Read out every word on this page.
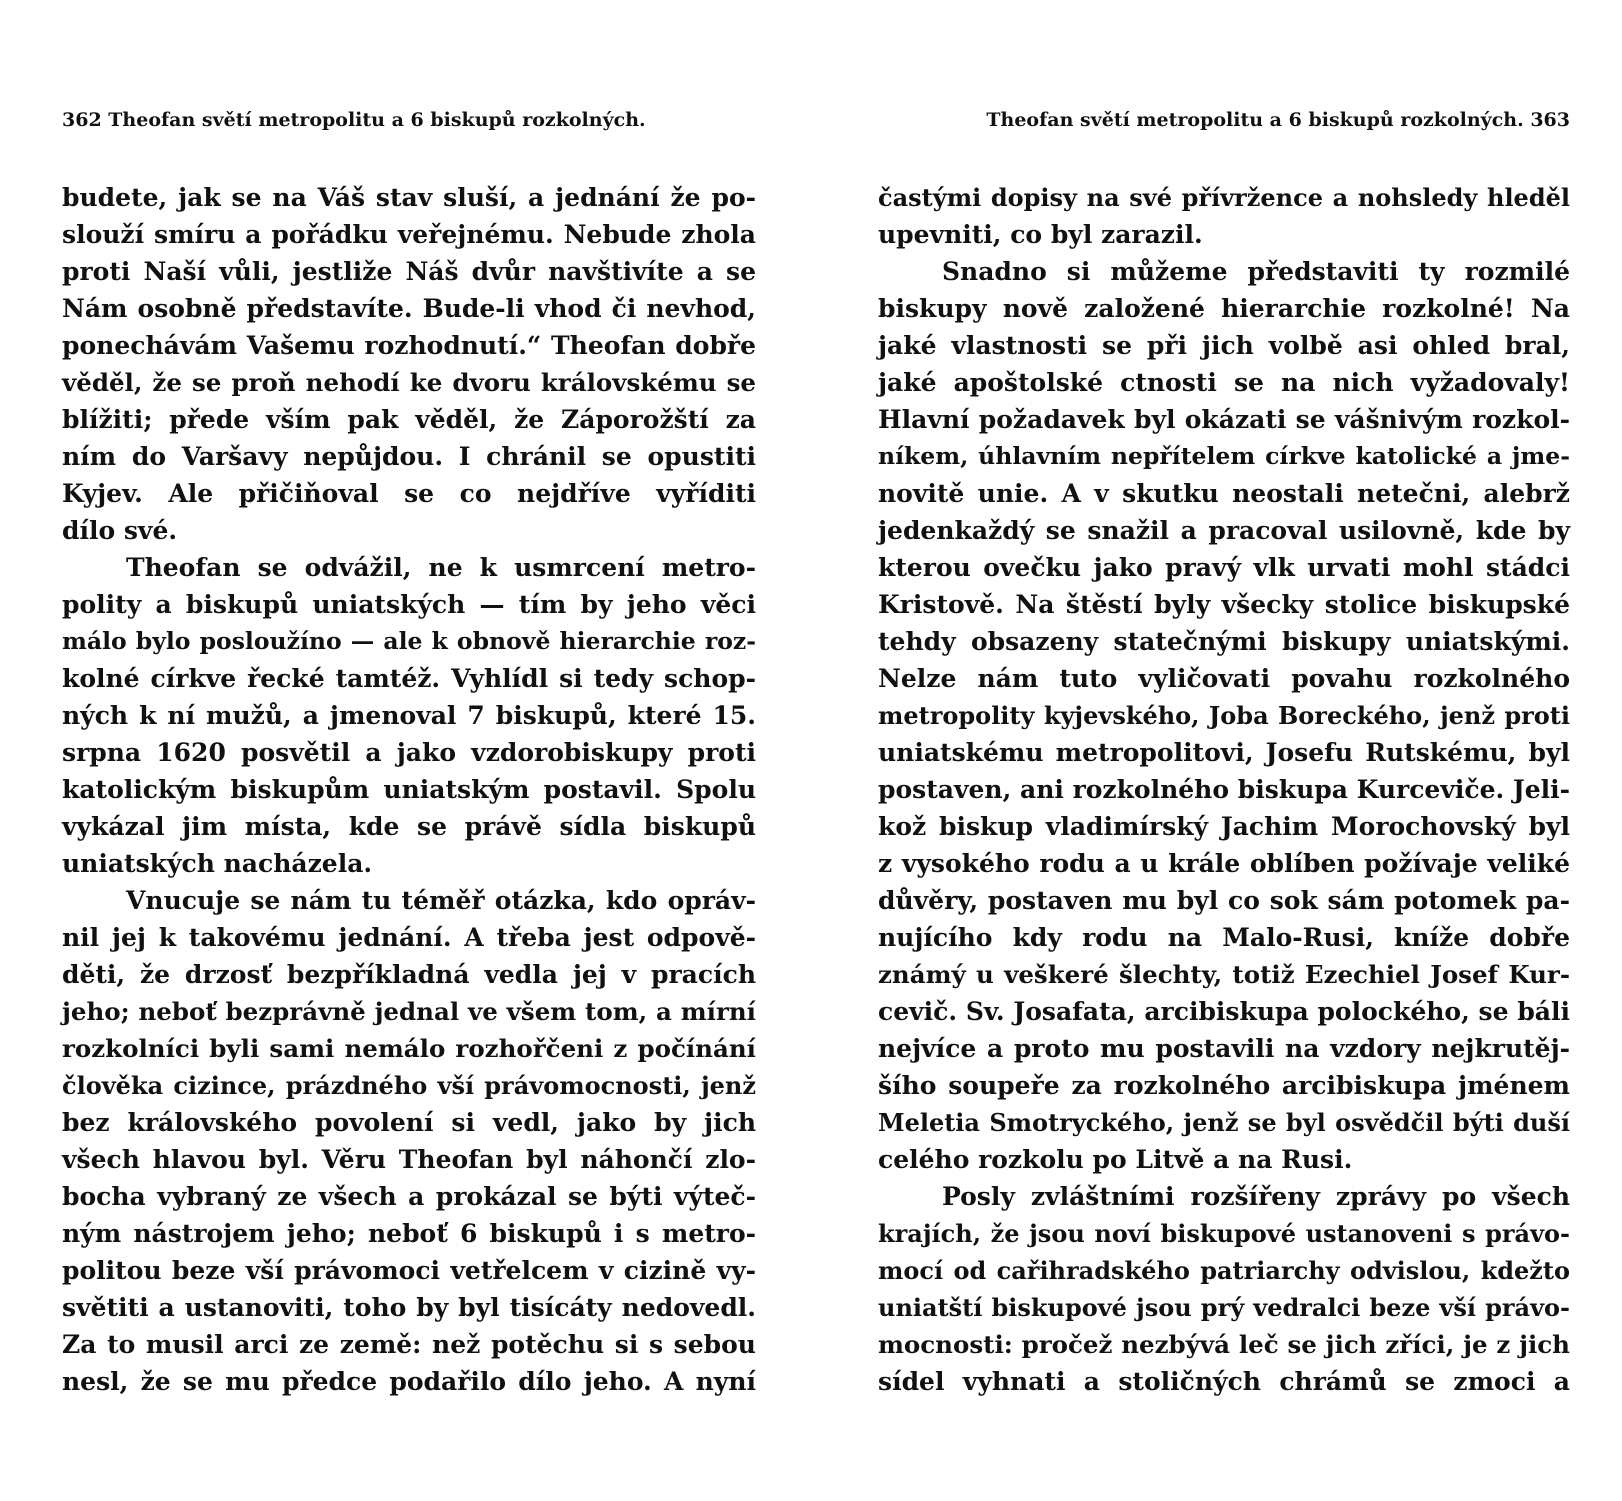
362 Theofan světí metropolitu a 6 biskupů rozkolných.
budete, jak se na Váš stav sluší, a jednání že po-
slouží smíru a pořádku veřejnému. Nebude zhola
proti Naší vůli, jestliže Náš dvůr navštivíte a se
Nám osobně představíte. Bude-li vhod či nevhod,
ponechávám Vašemu rozhodnutí.“ Theofan dobře
věděl, že se proň nehodí ke dvoru královskému se
blížiti; přede vším pak věděl, že Záporožští za
ním do Varšavy nepůjdou. I chránil se opustiti
Kyjev. Ale přičiňoval se co nejdříve vyříditi
dílo své.
Theofan se odvážil, ne k usmrcení metro-
polity a biskupů uniatských — tím by jeho věci
málo bylo posloužíno — ale k obnově hierarchie roz-
kolné církve řecké tamtéž. Vyhlídl si tedy schop-
ných k ní mužů, a jmenoval 7 biskupů, které 15.
srpna 1620 posvětil a jako vzdorobiskupy proti
katolickým biskupům uniatským postavil. Spolu
vykázal jim místa, kde se právě sídla biskupů
uniatských nacházela.
Vnucuje se nám tu téměř otázka, kdo opráv-
nil jej k takovému jednání. A třeba jest odpově-
děti, že drzosť bezpříkladná vedla jej v pracích
jeho; neboť bezprávně jednal ve všem tom, a mírní
rozkolníci byli sami nemálo rozhořčeni z počínání
člověka cizince, prázdného vší právomocnosti, jenž
bez královského povolení si vedl, jako by jich
všech hlavou byl. Věru Theofan byl náhončí zlo-
bocha vybraný ze všech a prokázal se býti výteč-
ným nástrojem jeho; neboť 6 biskupů i s metro-
politou beze vší právomoci vetřelcem v cizině vy-
světiti a ustanoviti, toho by byl tisícáty nedovedl.
Za to musil arci ze země: než potěchu si s sebou
nesl, že se mu předce podařilo dílo jeho. A nyní
Theofan světí metropolitu a 6 biskupů rozkolných. 363
častými dopisy na své přívržence a nohsledy hleděl
upevniti, co byl zarazil.
Snadno si můžeme představiti ty rozmilé
biskupy nově založené hierarchie rozkolné! Na
jaké vlastnosti se při jich volbě asi ohled bral,
jaké apoštolské ctnosti se na nich vyžadovaly!
Hlavní požadavek byl okázati se vášnivým rozkol-
níkem, úhlavním nepřítelem církve katolické a jme-
novitě unie. A v skutku neostali netečni, alebrž
jedenkaždý se snažil a pracoval usilovně, kde by
kterou ovečku jako pravý vlk urvati mohl stádci
Kristově. Na štěstí byly všecky stolice biskupské
tehdy obsazeny statečnými biskupy uniatskými.
Nelze nám tuto vyličovati povahu rozkolného
metropolity kyjevského, Joba Boreckého, jenž proti
uniatskému metropolitovi, Josefu Rutskému, byl
postaven, ani rozkolného biskupa Kurceviče. Jeli-
kož biskup vladimírský Jachim Morochovský byl
z vysokého rodu a u krále oblíben požívaje veliké
důvěry, postaven mu byl co sok sám potomek pa-
nujícího kdy rodu na Malo-Rusi, kníže dobře
známý u veškeré šlechty, totiž Ezechiel Josef Kur-
cevič. Sv. Josafata, arcibiskupa polockého, se báli
nejvíce a proto mu postavili na vzdory nejkrutěj-
šího soupeře za rozkolného arcibiskupa jménem
Meletia Smotryckého, jenž se byl osvědčil býti duší
celého rozkolu po Litvě a na Rusi.
Posly zvláštními rozšířeny zprávy po všech
krajích, že jsou noví biskupové ustanoveni s právo-
mocí od cařihradského patriarchy odvislou, kdežto
uniatští biskupové jsou prý vedralci beze vší právo-
mocnosti: pročež nezbývá leč se jich zříci, je z jich
sídel vyhnati a stoličných chrámů se zmoci a
